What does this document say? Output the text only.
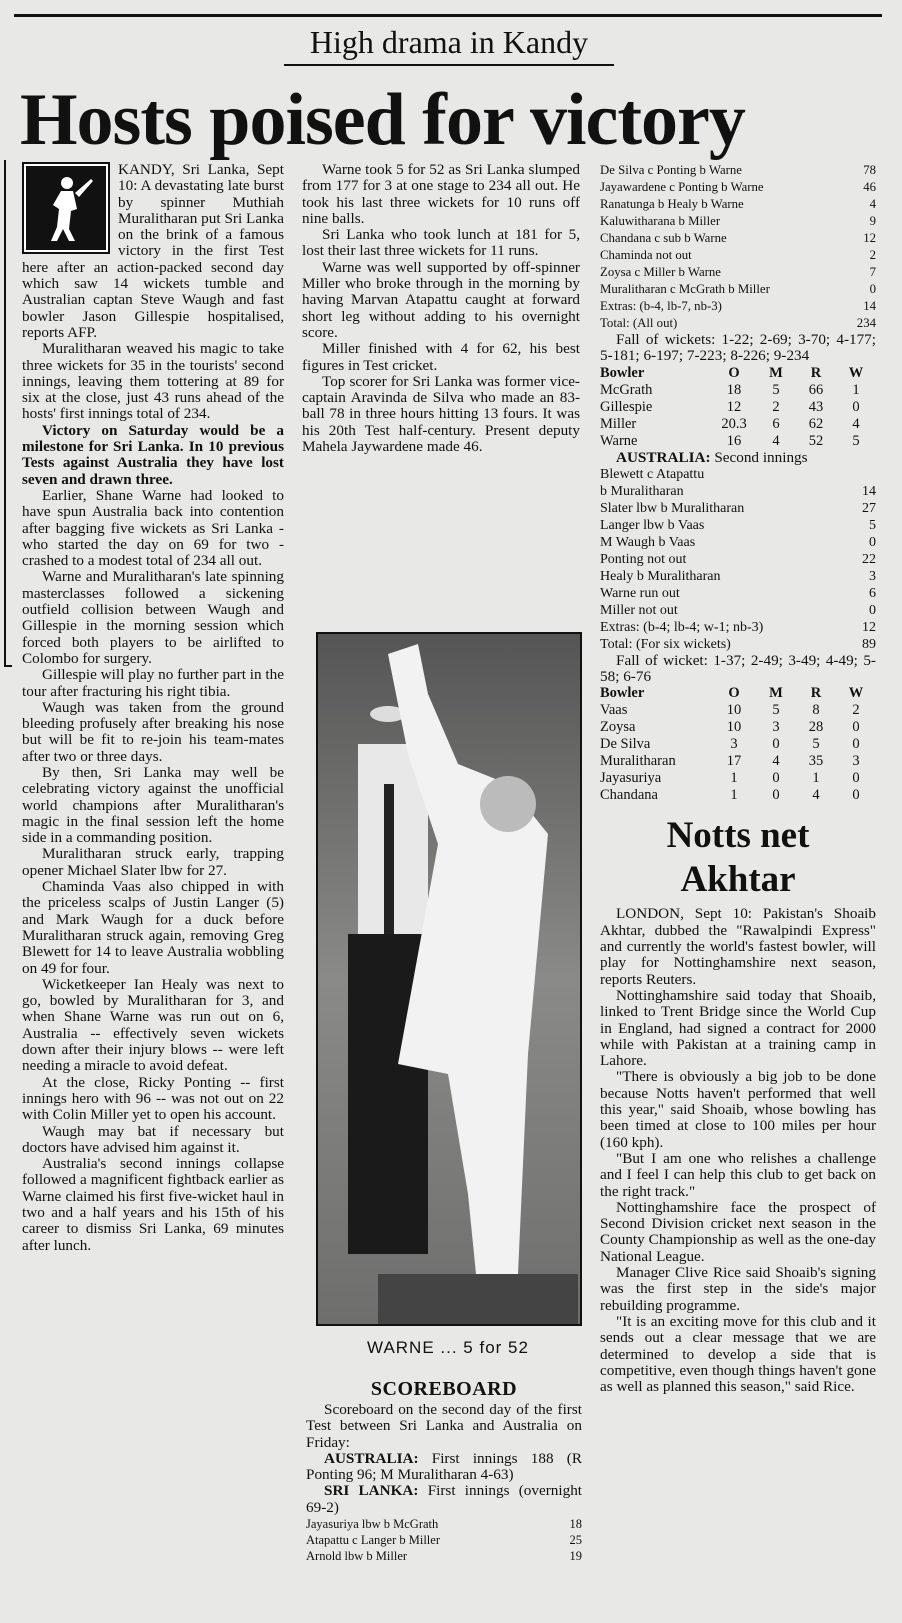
High drama in Kandy
Hosts poised for victory

KANDY, Sri Lanka, Sept 10: A devastating late burst by spinner Muthiah Muralitharan put Sri Lanka on the brink of a famous victory in the first Test here after an action-packed second day which saw 14 wickets tumble and Australian captan Steve Waugh and fast bowler Jason Gillespie hospitalised, reports AFP.

Muralitharan weaved his magic to take three wickets for 35 in the tourists' second innings, leaving them tottering at 89 for six at the close, just 43 runs ahead of the hosts' first innings total of 234.

Victory on Saturday would be a milestone for Sri Lanka. In 10 previous Tests against Australia they have lost seven and drawn three.

Earlier, Shane Warne had looked to have spun Australia back into contention after bagging five wickets as Sri Lanka - who started the day on 69 for two - crashed to a modest total of 234 all out.

Warne and Muralitharan's late spinning masterclasses followed a sickening outfield collision between Waugh and Gillespie in the morning session which forced both players to be airlifted to Colombo for surgery.

Gillespie will play no further part in the tour after fracturing his right tibia.

Waugh was taken from the ground bleeding profusely after breaking his nose but will be fit to re-join his team-mates after two or three days.

By then, Sri Lanka may well be celebrating victory against the unofficial world champions after Muralitharan's magic in the final session left the home side in a commanding position.

Muralitharan struck early, trapping opener Michael Slater lbw for 27.

Chaminda Vaas also chipped in with the priceless scalps of Justin Langer (5) and Mark Waugh for a duck before Muralitharan struck again, removing Greg Blewett for 14 to leave Australia wobbling on 49 for four.

Wicketkeeper Ian Healy was next to go, bowled by Muralitharan for 3, and when Shane Warne was run out on 6, Australia -- effectively seven wickets down after their injury blows -- were left needing a miracle to avoid defeat.

At the close, Ricky Ponting -- first innings hero with 96 -- was not out on 22 with Colin Miller yet to open his account.

Waugh may bat if necessary but doctors have advised him against it.

Australia's second innings collapse followed a magnificent fightback earlier as Warne claimed his first five-wicket haul in two and a half years and his 15th of his career to dismiss Sri Lanka, 69 minutes after lunch.

Warne took 5 for 52 as Sri Lanka slumped from 177 for 3 at one stage to 234 all out. He took his last three wickets for 10 runs off nine balls.

Sri Lanka who took lunch at 181 for 5, lost their last three wickets for 11 runs.

Warne was well supported by off-spinner Miller who broke through in the morning by having Marvan Atapattu caught at forward short leg without adding to his overnight score.

Miller finished with 4 for 62, his best figures in Test cricket.

Top scorer for Sri Lanka was former vice-captain Aravinda de Silva who made an 83-ball 78 in three hours hitting 13 fours. It was his 20th Test half-century. Present deputy Mahela Jaywardene made 46.

WARNE ... 5 for 52
SCOREBOARD

Scoreboard on the second day of the first Test between Sri Lanka and Australia on Friday:

AUSTRALIA: First innings 188 (R Ponting 96; M Muralitharan 4-63)

SRI LANKA: First innings (overnight 69-2)

Jayasuriya lbw b McGrath	18
Atapattu c Langer b Miller	25
Arnold lbw b Miller	19
De Silva c Ponting b Warne	78
Jayawardene c Ponting b Warne	46
Ranatunga b Healy b Warne	4
Kaluwitharana b Miller	9
Chandana c sub b Warne	12
Chaminda not out	2
Zoysa c Miller b Warne	7
Muralitharan c McGrath b Miller	0
Extras: (b-4, lb-7, nb-3)	14
Total: (All out)	234

Fall of wickets: 1-22; 2-69; 3-70; 4-177; 5-181; 6-197; 7-223; 8-226; 9-234

Bowler	O	M	R	W
McGrath	18	5	66	1
Gillespie	12	2	43	0
Miller	20.3	6	62	4
Warne	16	4	52	5

AUSTRALIA: Second innings

Blewett c Atapattu
b Muralitharan	14
Slater lbw b Muralitharan	27
Langer lbw b Vaas	5
M Waugh b Vaas	0
Ponting not out	22
Healy b Muralitharan	3
Warne run out	6
Miller not out	0
Extras: (b-4; lb-4; w-1; nb-3)	12
Total: (For six wickets)	89

Fall of wicket: 1-37; 2-49; 3-49; 4-49; 5-58; 6-76

Bowler	O	M	R	W
Vaas	10	5	8	2
Zoysa	10	3	28	0
De Silva	3	0	5	0
Muralitharan	17	4	35	3
Jayasuriya	1	0	1	0
Chandana	1	0	4	0
Notts net
Akhtar

LONDON, Sept 10: Pakistan's Shoaib Akhtar, dubbed the "Rawalpindi Express" and currently the world's fastest bowler, will play for Nottinghamshire next season, reports Reuters.

Nottinghamshire said today that Shoaib, linked to Trent Bridge since the World Cup in England, had signed a contract for 2000 while with Pakistan at a training camp in Lahore.

"There is obviously a big job to be done because Notts haven't performed that well this year," said Shoaib, whose bowling has been timed at close to 100 miles per hour (160 kph).

"But I am one who relishes a challenge and I feel I can help this club to get back on the right track."

Nottinghamshire face the prospect of Second Division cricket next season in the County Championship as well as the one-day National League.

Manager Clive Rice said Shoaib's signing was the first step in the side's major rebuilding programme.

"It is an exciting move for this club and it sends out a clear message that we are determined to develop a side that is competitive, even though things haven't gone as well as planned this season," said Rice.
